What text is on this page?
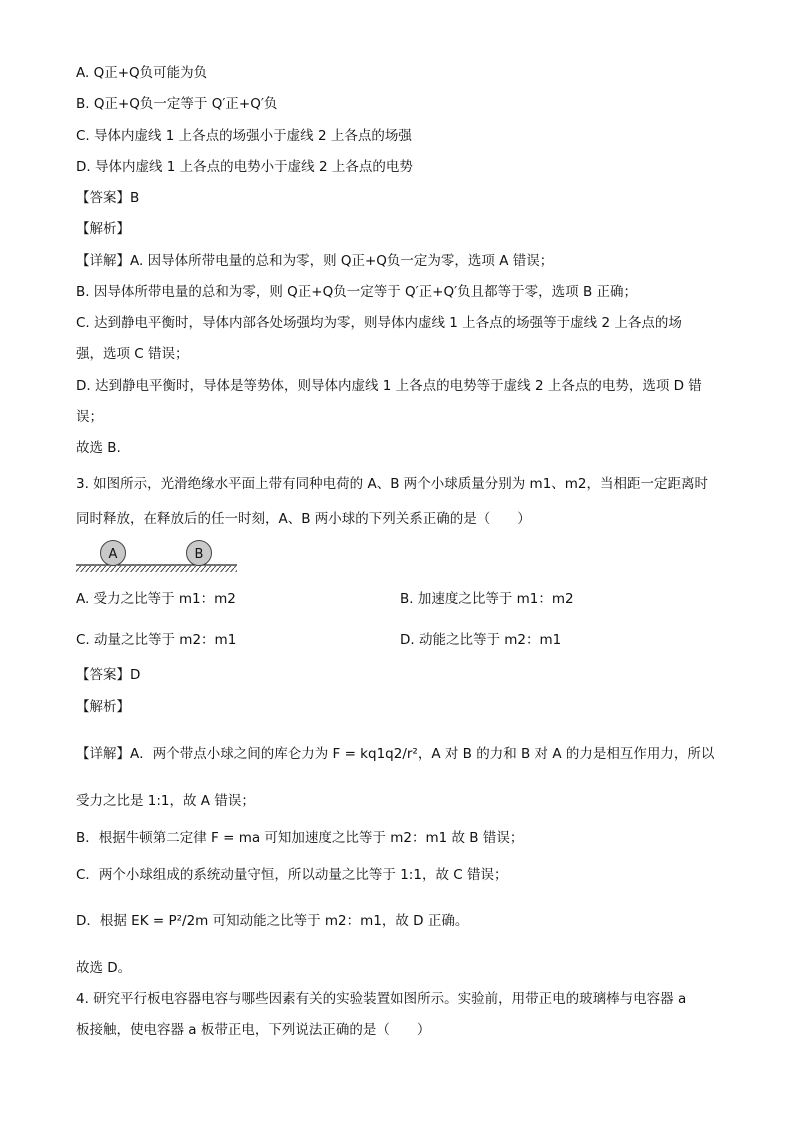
A. Q正+Q负可能为负
B. Q正+Q负一定等于 Q′正+Q′负
C. 导体内虚线 1 上各点的场强小于虚线 2 上各点的场强
D. 导体内虚线 1 上各点的电势小于虚线 2 上各点的电势
【答案】B
【解析】
【详解】A. 因导体所带电量的总和为零，则 Q正+Q负一定为零，选项 A 错误；
B. 因导体所带电量的总和为零，则 Q正+Q负一定等于 Q′正+Q′负且都等于零，选项 B 正确；
C. 达到静电平衡时，导体内部各处场强均为零，则导体内虚线 1 上各点的场强等于虚线 2 上各点的场
强，选项 C 错误；
D. 达到静电平衡时，导体是等势体，则导体内虚线 1 上各点的电势等于虚线 2 上各点的电势，选项 D 错
误；
故选 B.
3. 如图所示，光滑绝缘水平面上带有同种电荷的 A、B 两个小球质量分别为 m1、m2，当相距一定距离时
同时释放，在释放后的任一时刻，A、B 两小球的下列关系正确的是（　　）
A	B
A. 受力之比等于 m1：m2	B. 加速度之比等于 m1：m2
C. 动量之比等于 m2：m1	D. 动能之比等于 m2：m1
【答案】D
【解析】
【详解】A．两个带点小球之间的库仑力为 F = kq1q2/r²，A 对 B 的力和 B 对 A 的力是相互作用力，所以
受力之比是 1:1，故 A 错误；
B．根据牛顿第二定律 F = ma 可知加速度之比等于 m2：m1 故 B 错误；
C．两个小球组成的系统动量守恒，所以动量之比等于 1:1，故 C 错误；
D．根据 EK = P²/2m 可知动能之比等于 m2：m1，故 D 正确。
故选 D。
4. 研究平行板电容器电容与哪些因素有关的实验装置如图所示。实验前，用带正电的玻璃棒与电容器 a
板接触，使电容器 a 板带正电，下列说法正确的是（　　）
